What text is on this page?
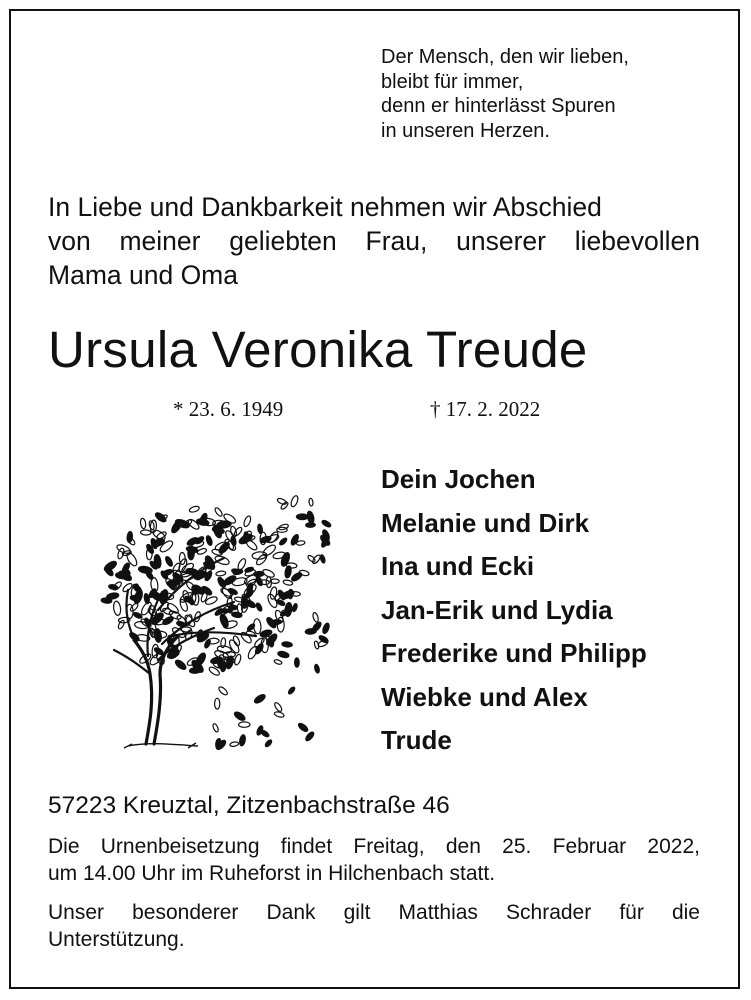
Der Mensch, den wir lieben,
bleibt für immer,
denn er hinterlässt Spuren
in unseren Herzen.
In Liebe und Dankbarkeit nehmen wir Abschied
von meiner geliebten Frau, unserer liebevollen
Mama und Oma
Ursula Veronika Treude
* 23. 6. 1949	† 17. 2. 2022
Dein Jochen
Melanie und Dirk
Ina und Ecki
Jan-Erik und Lydia
Frederike und Philipp
Wiebke und Alex
Trude
57223 Kreuztal, Zitzenbachstraße 46
Die Urnenbeisetzung findet Freitag, den 25. Februar 2022,
um 14.00 Uhr im Ruheforst in Hilchenbach statt.
Unser besonderer Dank gilt Matthias Schrader für die
Unterstützung.
